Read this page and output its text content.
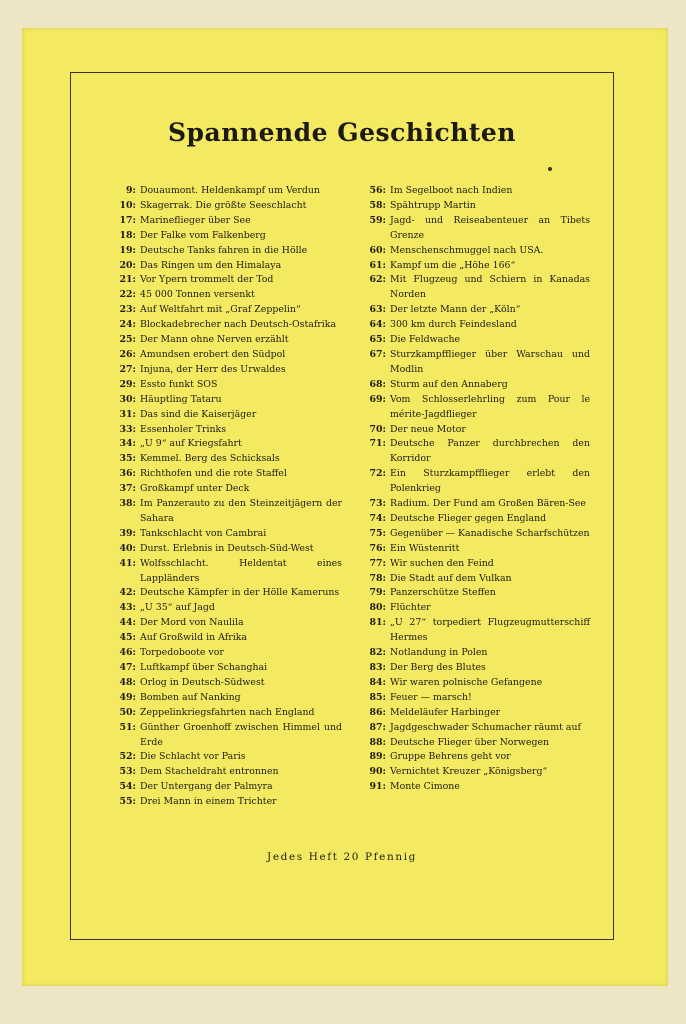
Spannende Geschichten
9: Douaumont. Heldenkampf um Verdun
10: Skagerrak. Die größte Seeschlacht
17: Marineflieger über See
18: Der Falke vom Falkenberg
19: Deutsche Tanks fahren in die Hölle
20: Das Ringen um den Himalaya
21: Vor Ypern trommelt der Tod
22: 45 000 Tonnen versenkt
23: Auf Weltfahrt mit „Graf Zeppelin“
24: Blockadebrecher nach Deutsch-Ostafrika
25: Der Mann ohne Nerven erzählt
26: Amundsen erobert den Südpol
27: Injuna, der Herr des Urwaldes
29: Essto funkt SOS
30: Häuptling Tataru
31: Das sind die Kaiserjäger
33: Essenholer Trinks
34: „U 9“ auf Kriegsfahrt
35: Kemmel. Berg des Schicksals
36: Richthofen und die rote Staffel
37: Großkampf unter Deck
38: Im Panzerauto zu den Steinzeitjägern der Sahara
39: Tankschlacht von Cambrai
40: Durst. Erlebnis in Deutsch-Süd-West
41: Wolfsschlacht. Heldentat eines Lappländers
42: Deutsche Kämpfer in der Hölle Kameruns
43: „U 35“ auf Jagd
44: Der Mord von Naulila
45: Auf Großwild in Afrika
46: Torpedoboote vor
47: Luftkampf über Schanghai
48: Orlog in Deutsch-Südwest
49: Bomben auf Nanking
50: Zeppelinkriegsfahrten nach England
51: Günther Groenhoff zwischen Himmel und Erde
52: Die Schlacht vor Paris
53: Dem Stacheldraht entronnen
54: Der Untergang der Palmyra
55: Drei Mann in einem Trichter
56: Im Segelboot nach Indien
58: Spähtrupp Martin
59: Jagd- und Reiseabenteuer an Tibets Grenze
60: Menschenschmuggel nach USA.
61: Kampf um die „Höhe 166“
62: Mit Flugzeug und Schiern in Kanadas Norden
63: Der letzte Mann der „Köln“
64: 300 km durch Feindesland
65: Die Feldwache
67: Sturzkampfflieger über Warschau und Modlin
68: Sturm auf den Annaberg
69: Vom Schlosserlehrling zum Pour le mérite-Jagdflieger
70: Der neue Motor
71: Deutsche Panzer durchbrechen den Korridor
72: Ein Sturzkampfflieger erlebt den Polenkrieg
73: Radium. Der Fund am Großen Bären-See
74: Deutsche Flieger gegen England
75: Gegenüber — Kanadische Scharfschützen
76: Ein Wüstenritt
77: Wir suchen den Feind
78: Die Stadt auf dem Vulkan
79: Panzerschütze Steffen
80: Flüchter
81: „U 27“ torpediert Flugzeugmutterschiff Hermes
82: Notlandung in Polen
83: Der Berg des Blutes
84: Wir waren polnische Gefangene
85: Feuer — marsch!
86: Meldeläufer Harbinger
87: Jagdgeschwader Schumacher räumt auf
88: Deutsche Flieger über Norwegen
89: Gruppe Behrens geht vor
90: Vernichtet Kreuzer „Königsberg“
91: Monte Cimone

Jedes Heft 20 Pfennig
